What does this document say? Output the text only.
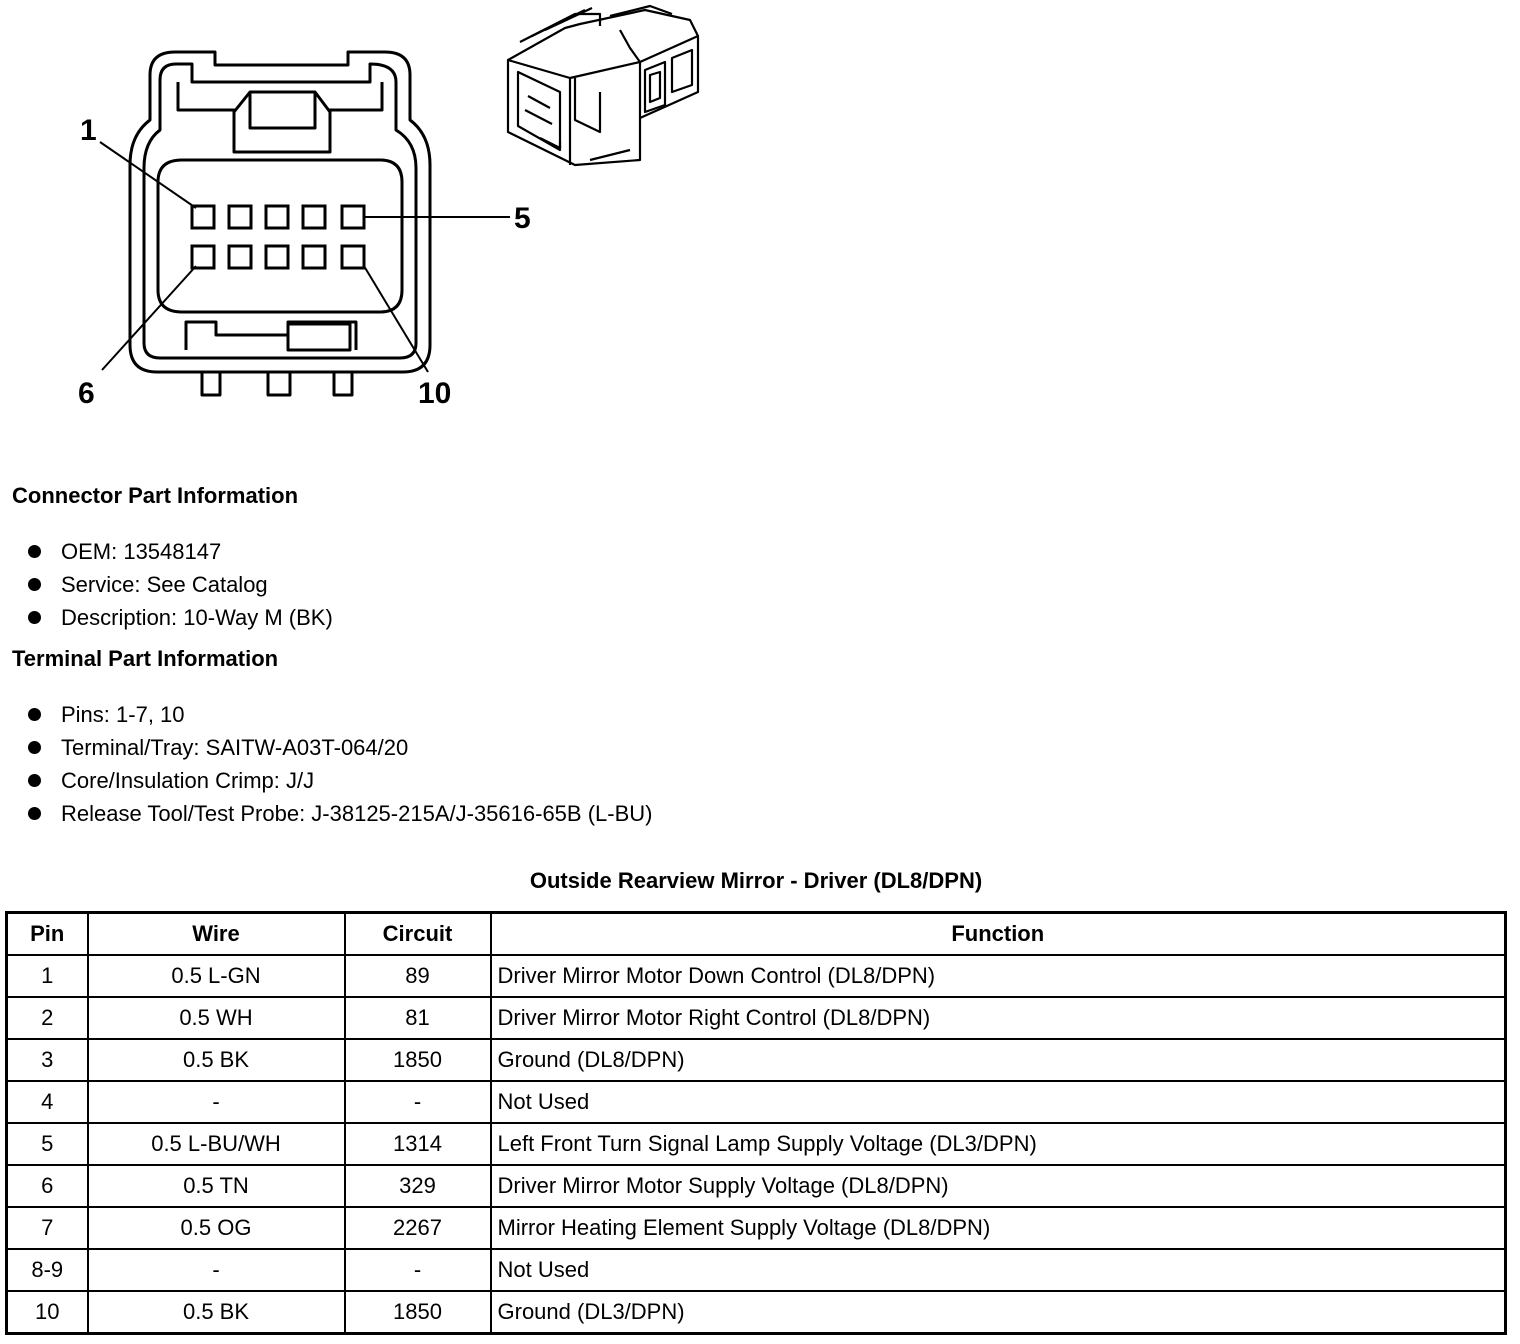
1
5
6	10
Connector Part Information
OEM: 13548147
Service: See Catalog
Description: 10-Way M (BK)
Terminal Part Information
Pins: 1-7, 10
Terminal/Tray: SAITW-A03T-064/20
Core/Insulation Crimp: J/J
Release Tool/Test Probe: J-38125-215A/J-35616-65B (L-BU)
Outside Rearview Mirror - Driver (DL8/DPN)
Pin	Wire	Circuit	Function
1	0.5 L-GN	89	Driver Mirror Motor Down Control (DL8/DPN)
2	0.5 WH	81	Driver Mirror Motor Right Control (DL8/DPN)
3	0.5 BK	1850	Ground (DL8/DPN)
4	-	-	Not Used
5	0.5 L-BU/WH	1314	Left Front Turn Signal Lamp Supply Voltage (DL3/DPN)
6	0.5 TN	329	Driver Mirror Motor Supply Voltage (DL8/DPN)
7	0.5 OG	2267	Mirror Heating Element Supply Voltage (DL8/DPN)
8-9	-	-	Not Used
10	0.5 BK	1850	Ground (DL3/DPN)
